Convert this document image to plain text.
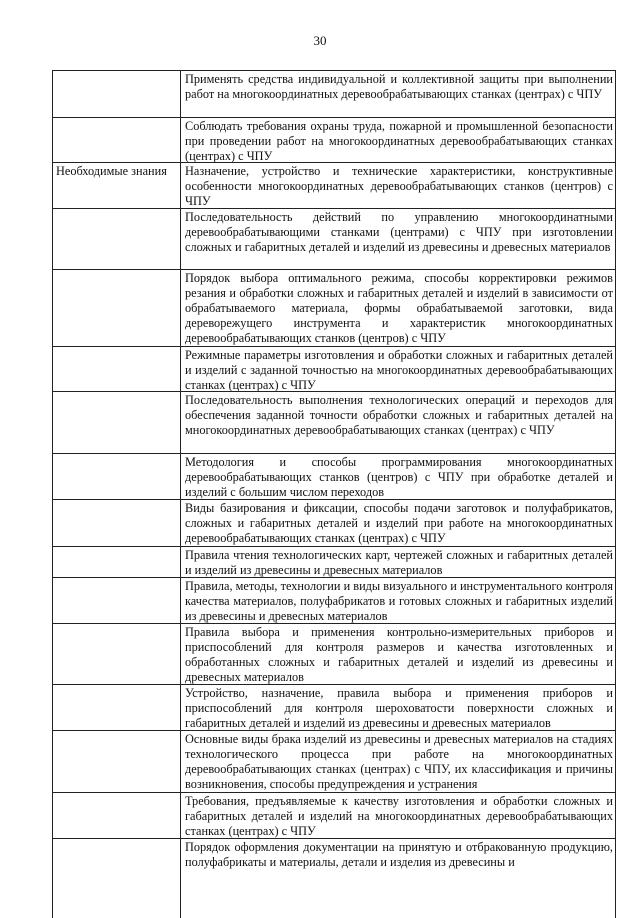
30
Применять средства индивидуальной и коллективной защиты при выполнении работ на многокоординатных деревообрабатывающих станках (центрах) с ЧПУ
Соблюдать требования охраны труда, пожарной и промышленной безопасности при проведении работ на многокоординатных деревообрабатывающих станках (центрах) с ЧПУ
Необходимые знания	Назначение, устройство и технические характеристики, конструктивные особенности многокоординатных деревообрабатывающих станков (центров) с ЧПУ
Последовательность действий по управлению многокоординатными деревообрабатывающими станками (центрами) с ЧПУ при изготовлении сложных и габаритных деталей и изделий из древесины и древесных материалов
Порядок выбора оптимального режима, способы корректировки режимов резания и обработки сложных и габаритных деталей и изделий в зависимости от обрабатываемого материала, формы обрабатываемой заготовки, вида дереворежущего инструмента и характеристик многокоординатных деревообрабатывающих станков (центров) с ЧПУ
Режимные параметры изготовления и обработки сложных и габаритных деталей и изделий с заданной точностью на многокоординатных деревообрабатывающих станках (центрах) с ЧПУ
Последовательность выполнения технологических операций и переходов для обеспечения заданной точности обработки сложных и габаритных деталей на многокоординатных деревообрабатывающих станках (центрах) с ЧПУ
Методология и способы программирования многокоординатных деревообрабатывающих станков (центров) с ЧПУ при обработке деталей и изделий с большим числом переходов
Виды базирования и фиксации, способы подачи заготовок и полуфабрикатов, сложных и габаритных деталей и изделий при работе на многокоординатных деревообрабатывающих станках (центрах) с ЧПУ
Правила чтения технологических карт, чертежей сложных и габаритных деталей и изделий из древесины и древесных материалов
Правила, методы, технологии и виды визуального и инструментального контроля качества материалов, полуфабрикатов и готовых сложных и габаритных изделий из древесины и древесных материалов
Правила выбора и применения контрольно-измерительных приборов и приспособлений для контроля размеров и качества изготовленных и обработанных сложных и габаритных деталей и изделий из древесины и древесных материалов
Устройство, назначение, правила выбора и применения приборов и приспособлений для контроля шероховатости поверхности сложных и габаритных деталей и изделий из древесины и древесных материалов
Основные виды брака изделий из древесины и древесных материалов на стадиях технологического процесса при работе на многокоординатных деревообрабатывающих станках (центрах) с ЧПУ, их классификация и причины возникновения, способы предупреждения и устранения
Требования, предъявляемые к качеству изготовления и обработки сложных и габаритных деталей и изделий на многокоординатных деревообрабатывающих станках (центрах) с ЧПУ
Порядок оформления документации на принятую и отбракованную продукцию, полуфабрикаты и материалы, детали и изделия из древесины и
